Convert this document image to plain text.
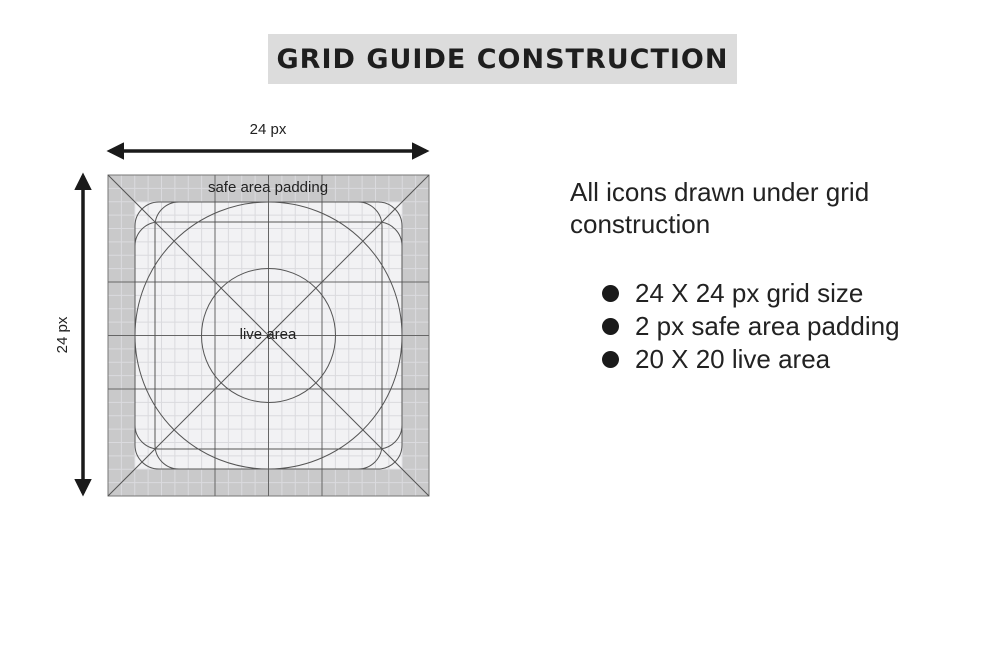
GRID GUIDE CONSTRUCTION
24 px
24 px
safe area padding
live area
All icons drawn under grid construction
24 X 24 px grid size
2 px safe area padding
20 X 20 live area
